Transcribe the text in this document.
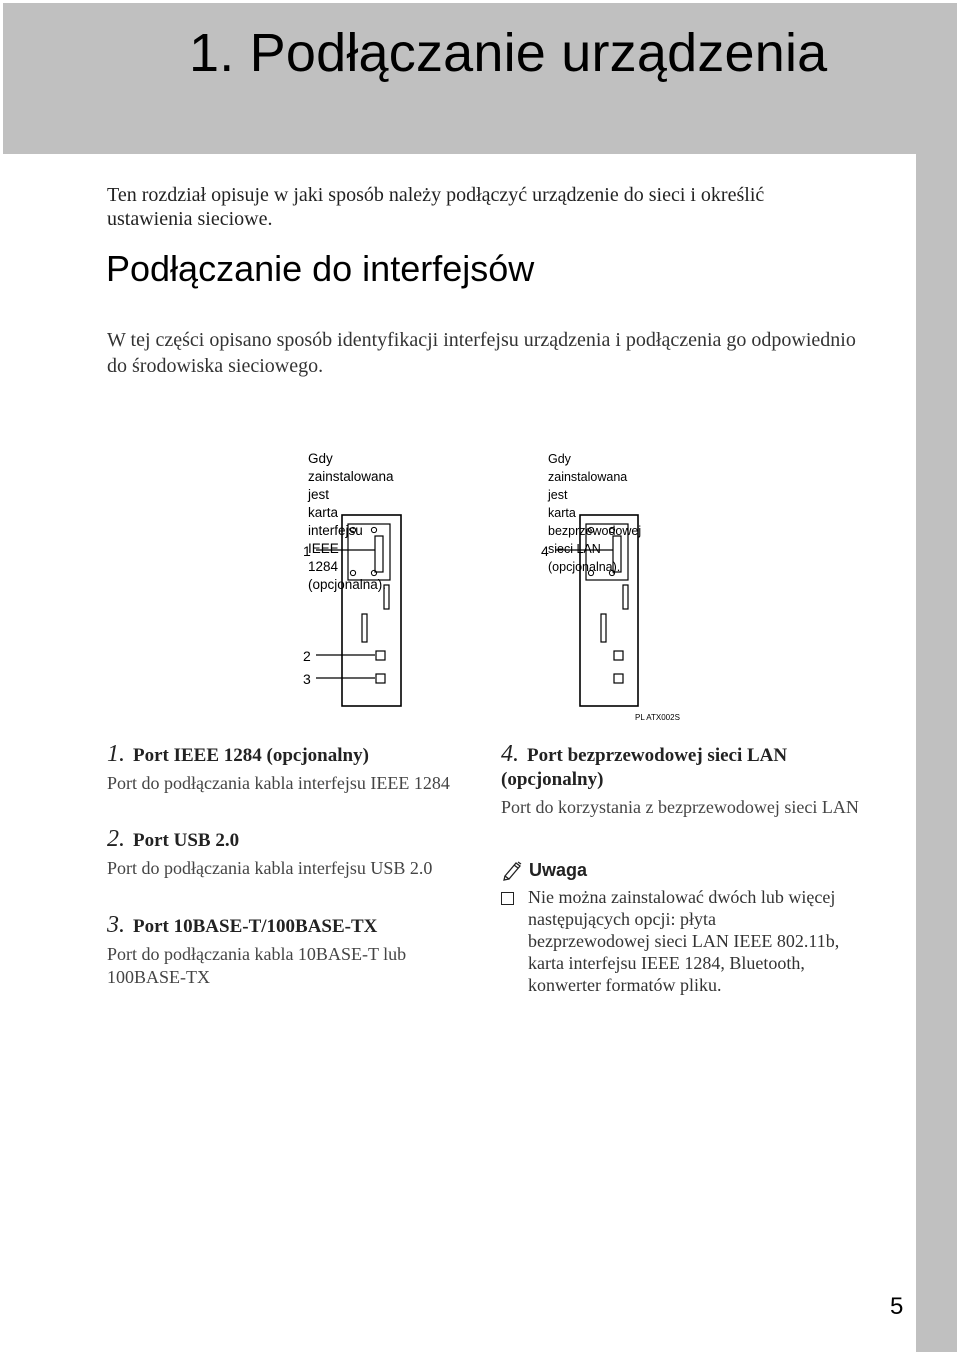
1. Podłączanie urządzenia

Ten rozdział opisuje w jaki sposób należy podłączyć urządzenie do sieci i określić ustawienia sieciowe.

Podłączanie do interfejsów

W tej części opisano sposób identyfikacji interfejsu urządzenia i podłączenia go odpowiednio do środowiska sieciowego.

Gdy zainstalowana jest
karta interfejsu IEEE
1284 (opcjonalna).
Gdy zainstalowana jest
karta bezprzewodowej
sieci LAN (opcjonalna).
1
2
3
4
PL ATX002S

1. Port IEEE 1284 (opcjonalny)

Port do podłączania kabla interfejsu IEEE 1284

2. Port USB 2.0

Port do podłączania kabla interfejsu USB 2.0

3. Port 10BASE-T/100BASE-TX

Port do podłączania kabla 10BASE-T lub 100BASE-TX

4. Port bezprzewodowej sieci LAN (opcjonalny)

Port do korzystania z bezprzewodowej sieci LAN

Uwaga

Nie można zainstalować dwóch lub więcej następujących opcji: płyta bezprzewodowej sieci LAN IEEE 802.11b, karta interfejsu IEEE 1284, Bluetooth, konwerter formatów pliku.

5
